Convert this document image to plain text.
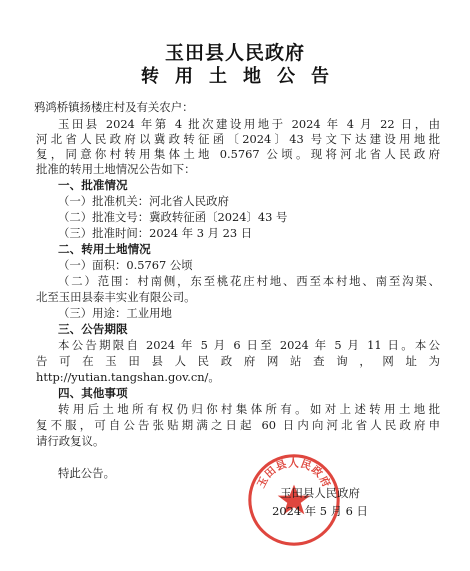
玉田县人民政府
转用土地公告
鸦鸿桥镇扬楼庄村及有关农户：
玉田县 2024 年第 4 批次建设用地于 2024 年 4 月 22 日，由
河北省人民政府以冀政转征函〔2024〕43 号文下达建设用地批
复，同意你村转用集体土地 0.5767 公顷。现将河北省人民政府
批准的转用土地情况公告如下：
一、批准情况
（一）批准机关：河北省人民政府
（二）批准文号：冀政转征函〔2024〕43 号
（三）批准时间：2024 年 3 月 23 日
二、转用土地情况
（一）面积：0.5767 公顷
（二）范围：村南侧，东至桃花庄村地、西至本村地、南至沟渠、
北至玉田县泰丰实业有限公司。
（三）用途：工业用地
三、公告期限
本公告期限自 2024 年 5 月 6 日至 2024 年 5 月 11 日。本公
告可在玉田县人民政府网站查询，网址为
http://yutian.tangshan.gov.cn/。
四、其他事项
转用后土地所有权仍归你村集体所有。如对上述转用土地批
复不服，可自公告张贴期满之日起 60 日内向河北省人民政府申
请行政复议。
特此公告。
玉田县人民政府
玉田县人民政府
2024 年 5 月 6 日
